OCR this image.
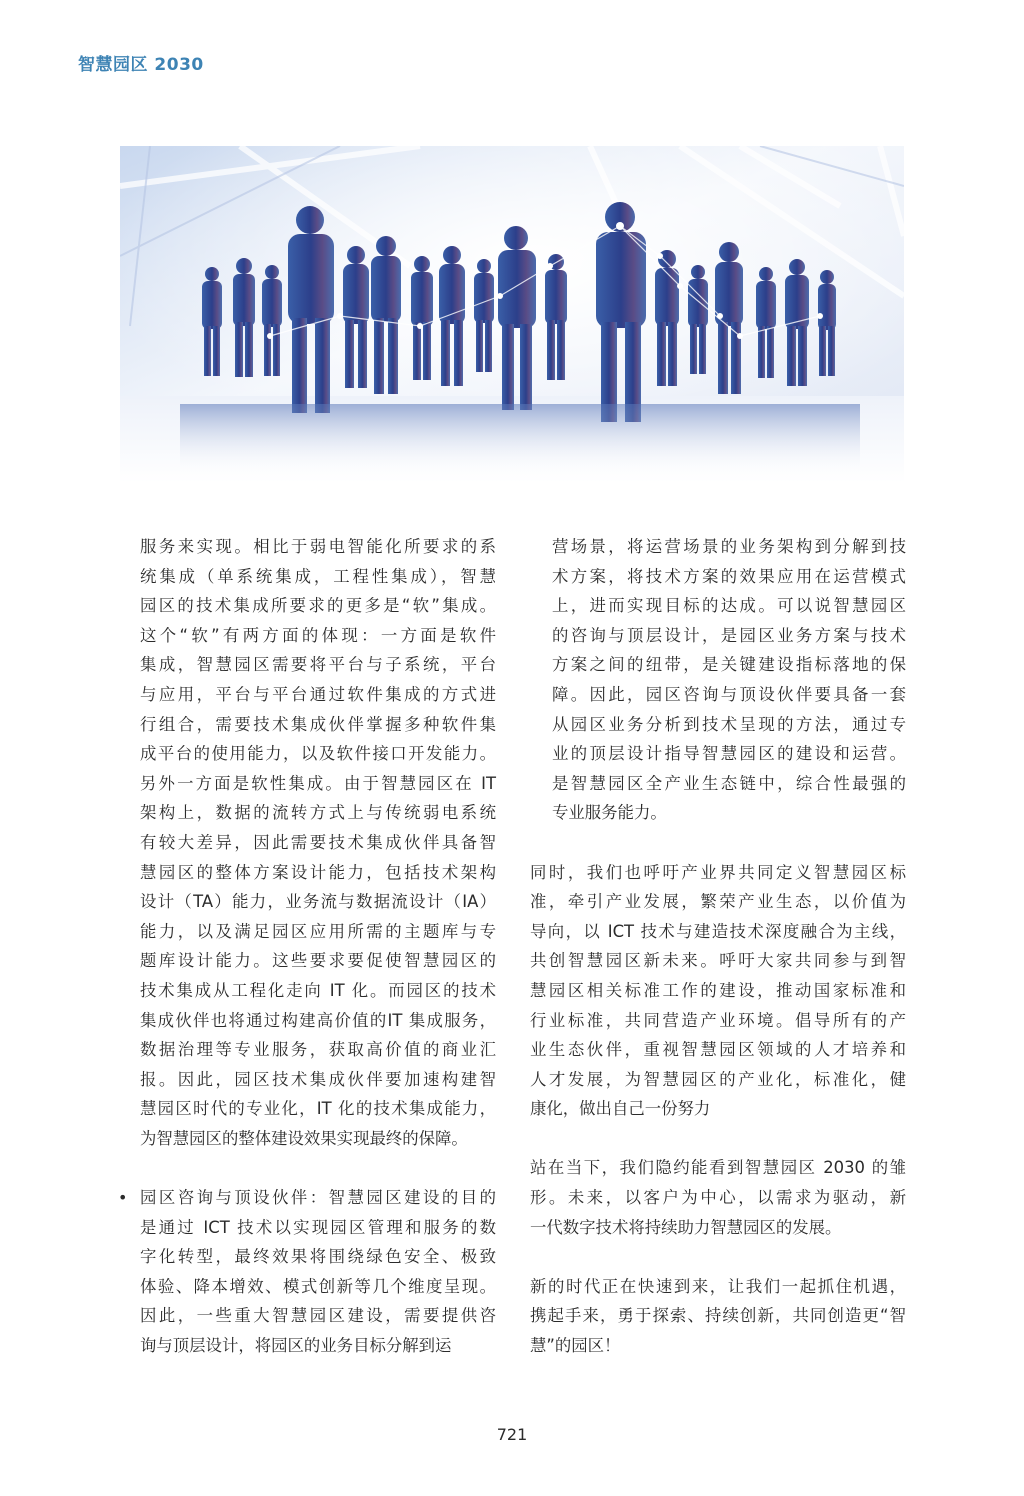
智慧园区 2030
服务来实现。相比于弱电智能化所要求的系
统集成（单系统集成，工程性集成），智慧
园区的技术集成所要求的更多是“软”集成。
这个“软”有两方面的体现：一方面是软件
集成，智慧园区需要将平台与子系统，平台
与应用，平台与平台通过软件集成的方式进
行组合，需要技术集成伙伴掌握多种软件集
成平台的使用能力，以及软件接口开发能力。
另外一方面是软性集成。由于智慧园区在 IT
架构上，数据的流转方式上与传统弱电系统
有较大差异，因此需要技术集成伙伴具备智
慧园区的整体方案设计能力，包括技术架构
设计（TA）能力，业务流与数据流设计（IA）
能力，以及满足园区应用所需的主题库与专
题库设计能力。这些要求要促使智慧园区的
技术集成从工程化走向 IT 化。而园区的技术
集成伙伴也将通过构建高价值的IT 集成服务，
数据治理等专业服务，获取高价值的商业汇
报。因此，园区技术集成伙伴要加速构建智
慧园区时代的专业化，IT 化的技术集成能力，
为智慧园区的整体建设效果实现最终的保障。
• 园区咨询与顶设伙伴：智慧园区建设的目的
是通过 ICT 技术以实现园区管理和服务的数
字化转型，最终效果将围绕绿色安全、极致
体验、降本增效、模式创新等几个维度呈现。
因此，一些重大智慧园区建设，需要提供咨
询与顶层设计，将园区的业务目标分解到运
营场景，将运营场景的业务架构到分解到技
术方案，将技术方案的效果应用在运营模式
上，进而实现目标的达成。可以说智慧园区
的咨询与顶层设计，是园区业务方案与技术
方案之间的纽带，是关键建设指标落地的保
障。因此，园区咨询与顶设伙伴要具备一套
从园区业务分析到技术呈现的方法，通过专
业的顶层设计指导智慧园区的建设和运营。
是智慧园区全产业生态链中，综合性最强的
专业服务能力。
同时，我们也呼吁产业界共同定义智慧园区标
准，牵引产业发展，繁荣产业生态，以价值为
导向，以 ICT 技术与建造技术深度融合为主线，
共创智慧园区新未来。呼吁大家共同参与到智
慧园区相关标准工作的建设，推动国家标准和
行业标准，共同营造产业环境。倡导所有的产
业生态伙伴，重视智慧园区领域的人才培养和
人才发展，为智慧园区的产业化，标准化，健
康化，做出自己一份努力
站在当下，我们隐约能看到智慧园区 2030 的雏
形。未来，以客户为中心，以需求为驱动，新
一代数字技术将持续助力智慧园区的发展。
新的时代正在快速到来，让我们一起抓住机遇，
携起手来，勇于探索、持续创新，共同创造更“智
慧”的园区！
721
